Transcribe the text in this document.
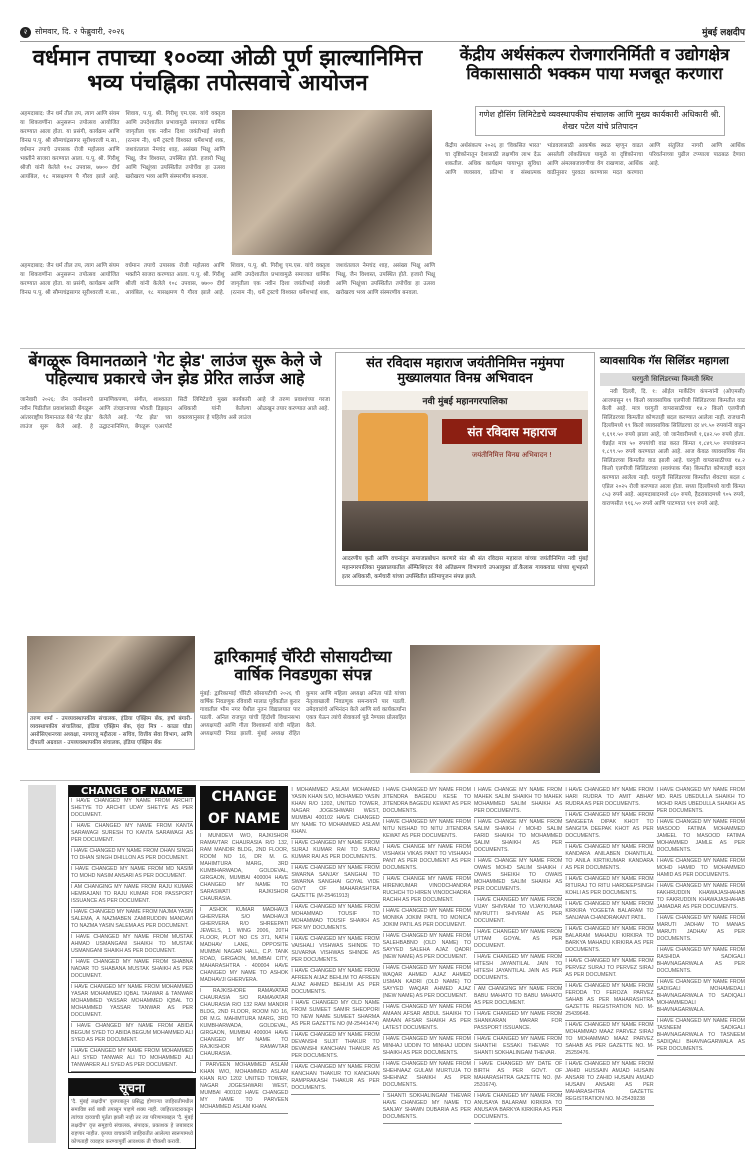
२ सोमवार, दि. २ फेब्रुवारी, २०२६	मुंबई लक्षदीप
वर्धमान तपाच्या १००व्या ओळी पूर्ण झाल्यानिमित्त भव्य पंचह्निका तपोत्सवाचे आयोजन
अहमदाबाद: जैन धर्म तील तप, त्याग आणि संयम या शिकवणींना अनुसरून तपोत्सव आयोजित करण्यात आला होता. या प्रसंगी, कार्यक्रम आणि विनम्र प.पू. श्री सौम्यचंद्रसागर सूरीश्वरजी म.सा., वर्धमान तपाचे उपासक रोजी महोत्सव आणि भक्तीने साजरा करण्यात आला. प.पू. श्री. गिरीशु श्रीजी यांनी केलेले १०८ उपवास, ७७०० दीर्घ आयंबिल, १८ मासक्षमण पै गौरव झाले आहे. शिवाय, प.पू. श्री. गिरीशु एम.एस. यांचे वक्तृत्व आणि उपदेशातील प्रभावामुळे समाजात धार्मिक जागृतीला एक नवीन दिशा जयंतीभाई संघवी (रत्नाम नी), धर्मे ट्रस्टचे विश्वस्त धर्मेशभाई शक, जशवंतलाल नेमचंद शाह, असंख्य भिक्षू आणि भिक्षू, जैन विश्वस्त, उपस्थित होते. हजारो भिक्षू आणि भिक्षूंच्या उपस्थितीत तपोर्चेवा हा उत्सव खरोखरच भव्य आणि संस्मरणीय बनवला.
अहमदाबाद: जैन धर्म तील तप, त्याग आणि संयम या शिकवणींना अनुसरून तपोत्सव आयोजित करण्यात आला होता. या प्रसंगी, कार्यक्रम आणि विनम्र प.पू. श्री सौम्यचंद्रसागर सूरीश्वरजी म.सा., वर्धमान तपाचे उपासक रोजी महोत्सव आणि भक्तीने साजरा करण्यात आला. प.पू. श्री. गिरीशु श्रीजी यांनी केलेले १०८ उपवास, ७७०० दीर्घ आयंबिल, १८ मासक्षमण पै गौरव झाले आहे. शिवाय, प.पू. श्री. गिरीशु एम.एस. यांचे वक्तृत्व आणि उपदेशातील प्रभावामुळे समाजात धार्मिक जागृतीला एक नवीन दिशा जयंतीभाई संघवी (रत्नाम नी), धर्मे ट्रस्टचे विश्वस्त धर्मेशभाई शक, जशवंतलाल नेमचंद शाह, असंख्य भिक्षू आणि भिक्षू, जैन विश्वस्त, उपस्थित होते. हजारो भिक्षू आणि भिक्षूंच्या उपस्थितीत तपोर्चेवा हा उत्सव खरोखरच भव्य आणि संस्मरणीय बनवला.
केंद्रीय अर्थसंकल्प रोजगारनिर्मिती व उद्योगक्षेत्र विकासासाठी भक्कम पाया मजबूत करणारा
गणेश हौसिंग लिमिटेडचे व्यवस्थापकीय संचालक आणि मुख्य कार्यकारी अधिकारी श्री. शेखर पटेल यांचे प्रतिपादन
केंद्रीय अर्थसंकल्प २०२६ हा 'विकसित भारत' चा दृष्टिकोनातून देशासाठी लक्षणीय लाभ देऊ शकतील. अधिक कार्यक्षम पायाभूत सुविधा आणि व्यवसाय, प्रतिभा व संस्थात्मक भांडवलासाठी आकर्षक स्थळ म्हणून वाढत असलेली लोकप्रियता यामुळे या दृष्टिकोनाचा आणि अंमलबजावणीचा वेग राखणारा, आर्थिक वाढीनुसार पुरवठा करण्यास मदत करणारा आणि संतुलित नागरी आणि आर्थिक परिवर्तनाच्या पुढील टप्प्याला पाठबळ देणारा आहे.
बेंगळूरू विमानतळाने 'गेट झेड' लाउंज सुरू केले जे पहिल्याच प्रकारचे जेन झेड प्रेरित लाउंज आहे
जानेवारी २०२६: जेन जनरेशनचे नवीन पिढीतील प्रवाशांसाठी बेंगळूरू आंतरराष्ट्रीय विमानतळ येथे 'गेट झेड' लाउंज सुरू केले आहे. हे प्रामाणिकपणा, संगीत, शाश्वतता आणि तंत्रज्ञानाच्या भोवती डिझाइन केलेले आहे. 'गेट झेड' च्या उद्घाटनानिमित्त, बेंगळूरू एअरपोर्ट सिटी लिमिटेडचे मुख्य कार्यकारी अधिकारी यांनी केलेल्या वक्तव्यानुसार हे पहिलेच असे लाउंज आहे जे तरुण प्रवाशांच्या गरजा ओळखून तयार करण्यात आले आहे.
तरुण शर्मा - उपव्यवस्थापकीय संचालक, इंडिया एक्झिम बँक, हर्षा बंगारी- व्यवस्थापकीय संचालिका, इंडिया एक्झिम बँक, वृंदा मित्र - काळा घोडा असोसिएशनच्या अध्यक्षा, नागराजू मद्दीराला - सचिव, वित्तीय सेवा विभाग, आणि दीपाली अग्रवाल - उपव्यवस्थापकीय संचालक, इंडिया एक्झिम बँक
संत रविदास महाराज जयंतीनिमित्त नमुंमपा मुख्यालयात विनम्र अभिवादन
नवी मुंबई महानगरपालिका
संत रविदास महाराज
जयंतीनिमित्त विनम्र अभिवादन !
आदरणीय कृती आणि वचनांतून समाजप्रबोधन करणारे संत श्री संत रविदास महाराज यांच्या जयंतीनिमित्त नवी मुंबई महानगरपालिका मुख्यालयातील ॲम्फिथिएटर येथे अतिक्रमण विभागाचे उपआयुक्त डॉ.कैलास गायकवाड यांच्या शुभहस्ते इतर अधिकारी, कर्मचारी यांच्या उपस्थितीत प्रतिमापूजन संपन्न झाले.
व्यावसायिक गॅस सिलिंडर महागला
घरगुती सिलिंडरच्या किमती स्थिर
नवी दिल्ली, दि. १: ऑईल मार्केटिंग कंपन्यांनी (ओएमसी) आजपासून १९ किलो व्यावसायिक एलपीजी सिलिंडरच्या किमतीत वाढ केली आहे. मात्र घरगुती वापरासाठीच्या १४.२ किलो एलपीजी सिलिंडरच्या किमतीत कोणताही बदल करण्यात आलेला नाही. राजधानी दिल्लीमध्ये १९ किलो व्यावसायिक सिलिंडरचा दर ४९.५० रुपयांनी वाढून १,६९१.५० रुपये झाला आहे, जो जानेवारीमध्ये १,६४२.५० रुपये होता. चेन्नईत मात्र ५० रुपयांची वाढ करत किंमत १,८४९.५० रुपयांवरून १,८९९.५० रुपये करण्यात आली आहे. आज केवळ व्यावसायिक गॅस सिलिंडरच्या किमतीत वाढ झाली आहे. घरगुती वापरासाठीच्या १४.२ किलो एलपीजी सिलिंडरच्या (स्वयंपाक गॅस) किमतीत कोणताही बदल करण्यात आलेला नाही. घरगुती सिलिंडरच्या किमतीत शेवटचा बदल ८ एप्रिल २०२५ रोजी करण्यात आला होता. सध्या दिल्लीमध्ये याची किंमत ८५३ रुपये आहे. अहमदाबादमध्ये ८६० रुपये, हैदराबादमध्ये ९०५ रुपये, वाराणसीत ९१६.५० रुपये आणि पाटण्यात ९११ रुपये आहे.
द्वारिकामाई चॅरिटी सोसायटीच्या वार्षिक निवडणुका संपन्न
मुंबई: द्वारिकामाई चॅरिटी सोसायटीची २०२६ ची वार्षिक निवडणूक रविवारी मालाड पूर्वेकडील कुरार गावातील भीम नगर येथील नूतन विद्यालयात पार पडली. अनिल राजपूत यांची हिंदोशी विधानसभा अध्यक्षपदी आणि गीता विश्वकर्मा यांची महिला अध्यक्षपदी निवड झाली. मुंबई अध्यक्ष रोहित कुमार आणि महिला अध्यक्षा अनिता पांडे यांच्या नेतृत्वाखाली निवडणूक समन्वयाने पार पडली. उमेदवारांचे अभिनंदन केले आणि सर्व कार्यकर्त्यांना एकत्र येऊन त्यांचे सेवाकार्य पुढे नेण्यास प्रोत्साहित केले.
CHANGE OF NAME
I HAVE CHANGED MY NAME FROM ARCHIT SHETYE TO ARCHIT UDAY SHETYE AS PER DOCUMENT.
I HAVE CHANGED MY NAME FROM KANTA SARAWAGI SURESH TO KANTA SARAWAGI AS PER DOCUMENT.
I HAVE CHANGED MY NAME FROM DHAN SINGH TO DHAN SINGH DHILLON AS PER DOCUMENT.
I HAVE CHANGED MY NAME FROM MD NASIM TO MOHD NASIM ANSARI AS PER DOCUMENT.
I AM CHANGING MY NAME FROM RAJU KUMAR HEMRAJANI TO RAJU KUMAR FOR PASSPORT ISSUANCE AS PER DOCUMENT.
I HAVE CHANGED MY NAME FROM NAJMA YASIN SALEMA, A NAZMABEN ZAMIRUDDIN MANDAVI TO NAZMA YASIN SALEMA AS PER DOCUMENT.
I HAVE CHANGED MY NAME FROM MUSTAK AHMAD USMANGANI SHAIKH TO MUSTAK USMANGANI SHAIKH AS PER DOCUMENT.
I HAVE CHANGED MY NAME FROM SHABNA NADAR TO SHABANA MUSTAK SHAIKH AS PER DOCUMENT.
I HAVE CHANGED MY NAME FROM MOHAMMED YASAR MOHAMMED IQBAL TAHWAR & TANWAR MOHAMMED YASSAR MOHAMMED IQBAL TO MOHAMMED YASSAR TANWAR AS PER DOCUMENT.
I HAVE CHANGED MY NAME FROM ABIDA BEGUM SYED TO ABIDA BEGUM MOHAMMED ALI SYED AS PER DOCUMENT.
I HAVE CHANGED MY NAME FROM MOHAMMED ALI SYED TANWAR ALI TO MOHAMMED ALI TANWARER ALI SYED AS PER DOCUMENT.
सूचना
'दै. मुंबई लक्षदीप' वृत्तपत्रातून प्रसिद्ध होणाऱ्या जाहिरातीमधील समाविष्ट सर्व बाबी तपासून पाहणे शक्य नाही. जाहिरातदाराकडून त्यांच्या दाव्याची पूर्तता झाली नाही तर त्या परिणामाबद्दल 'दै. मुंबई लक्षदीप' वृत्त समूहाचे संचालक, संपादक, प्रकाशक हे जबाबदार राहणार नाहीत. कृपया वाचकांनी जाहिरातीत आलेल्या स्वरूपामध्ये कोणताही व्यवहार करण्यापूर्वी आवश्यक ती चौकशी करावी.
CHANGE OF NAME
I MUNIDEVI W/O, RAJKISHOR RAMAVTAR CHAURASIA R/O 132, RAM MANDIR BLDG, 2ND FLOOR, ROOM NO 16, DR M. G. MAHIMTURA MARG, 3RD KUMBHARWADA, GOLDEVAL, GIRGAON, MUMBAI 400004 HAVE CHANGED MY NAME TO SARASWATI RAJKISHOR CHAURASIA.
I ASHOK KUMAR MADHAVJI GHERVERA S/O MADHAVJI GHERVERA R/O SHREEPATI JEWELS, 1 WING 2006, 20TH FLOOR, PLOT NO CS 371, NATH MADHAV LANE, OPPOSITE MUMBAI NAGAR HALL, C.P. TANK ROAD, GIRGAON, MUMBAI CITY, MAHARASHTRA - 400004 HAVE CHANGED MY NAME TO ASHOK MADHAVJI GHERVERA.
I RAJKISHORE RAMAVATAR CHAURASIA S/O RAMAVATAR CHAURASIA R/O 132 RAM MANDIR BLDG, 2ND FLOOR, ROOM NO 16, DR M.G. MAHIMTURA MARG, 3RD KUMBHARWADA, GOLDEVAL, GIRGAON, MUMBAI 400004 HAVE CHANGED MY NAME TO RAJKISHOR RAMAVTAR CHAURASIA.
I PARVEEN MOHAMMED ASLAM KHAN W/O, MOHAMMED ASLAM KHAN R/O 1202 UNITED TOWER, NAGAR JOGESHWARI WEST, MUMBAI 400102 HAVE CHANGED MY NAME TO PARVEEN MOHAMMED ASLAM KHAN.
I MOHAMMED ASLAM MOHAMED YASIN KHAN S/O, MOHAMED YASIN KHAN R/O 1202, UNITED TOWER, NAGAR JOGESHWARI WEST, MUMBAI 400102 HAVE CHANGED MY NAME TO MOHAMMED ASLAM KHAN.
I HAVE CHANGED MY NAME FROM SURAJ KUMAR RAI TO SURAJ KUMAR RAI AS PER DOCUMENTS.
I HAVE CHANGED MY NAME FROM SWARNA SANJAY SANGHAI TO SWARNA SANGHAI GOYAL VIDE GOVT OF MAHARASHTRA GAZETTE (M-25461913)
I HAVE CHANGED MY NAME FROM MOHAMMAD TOUSIF TO MOHAMMAD TOUSIF SHAIKH AS PER MY DOCUMENTS.
I HAVE CHANGED MY NAME FROM VAISHALI VISHWAS SHINDE TO SUVARNA VISHWAS SHINDE AS PER DOCUMENTS.
I HAVE CHANGED MY NAME FROM AFREEN AIJAZ BEHLIM TO AFREEN AIJAZ AHMED BEHLIM AS PER DOCUMENTS.
I HAVE CHANGED MY OLD NAME FROM SUMEET SAMIR SHEOPORI TO NEW NAME SUMEET SHARMA AS PER GAZETTE NO (M-25441474)
I HAVE CHANGED MY NAME FROM DEVANSHI SUJIT THAKUR TO DEVANSHI KANCHAN THAKUR AS PER DOCUMENTS.
I HAVE CHANGED MY NAME FROM KANCHAN THAKUR TO KANCHAN RAMPRAKASH THAKUR AS PER DOCUMENTS.
I HAVE CHANGED MY NAME FROM JITENDRA BAGEDU KESE TO JITENDRA BAGEDU KEWAT AS PER DOCUMENTS.
I HAVE CHANGED MY NAME FROM NITU NISHAD TO NITU JITENDRA KEWAT AS PER DOCUMENTS.
I HAVE CHANGE MY NAME FROM VISHAKH VIKAS PANT TO VISHAKH PANT AS PER DOCUMENT AS PER DOCUMENTS.
I HAVE CHANGE MY NAME FROM HIRENKUMAR VINODCHANDRA RUCHCH TO HIREN VINODCHADRA RACHH AS PER DOCUMENT.
I HAVE CHANGED MY NAME FROM MONIKA JOKIM PATIL TO MONICA JOKIM PATIL AS PER DOCUMENT.
I HAVE CHANGED MY NAME FROM SALEHBABNO (OLD NAME) TO SAYYED SALEHA AJAZ QADRI (NEW NAME) AS PER DOCUMENT.
I HAVE CHANGED MY NAME FROM WAQAR AHMED AJAZ AHMED USMAN KADRI (OLD NAME) TO SAYYED WAQAR AHMED AJAZ (NEW NAME) AS PER DOCUMENT.
I HAVE CHANGED MY NAME FROM AMAAN AFSAR ABDUL SHAIKH TO AMAAN AFSAR SHAIKH AS PER LATEST DOCUMENTS.
I HAVE CHANGED MY NAME FROM MINHAJ UDDIN TO MINHAJ UDDIN SHAIKH AS PER DOCUMENTS.
I HAVE CHANGED MY NAME FROM SHEHNAAZ GULAM MURTUJA TO SHEHNAZ SHAIKH AS PER DOCUMENTS.
I SHANTI SOKHALINGAM THEVAR HAVE CHANGED MY NAME TO SANJAY SHAWN DUBARIA AS PER DOCUMENTS.
I HAVE CHANGE MY NAME FROM MAHEK SALIM SHAIKH TO MAHEK MOHAMMED SALIM SHAIKH AS PER DOCUMENTS.
I HAVE CHANGE MY NAME FROM SALIM SHAIKH / MOHD SALIM FARID SHAIKH TO MOHAMMED SALIM SHAIKH AS PER DOCUMENTS.
I HAVE CHANGE MY NAME FROM OWAIS MOHD SALIM SHAIKH / OWAIS SHEIKH TO OWAIS MOHAMMED SALIM SHAIKH AS PER DOCUMENTS.
I HAVE CHANGED MY NAME FROM VIJAY SHIVRAM TO VIJAYKUMAR NIVRUTTI SHIVRAM AS PER DOCUMENT.
I HAVE CHANGED MY NAME FROM UTTAM GOYAL AS PER DOCUMENT.
I HAVE CHANGED MY NAME FROM HITESH JAYANTILAL JAIN TO HITESH JAYANTILAL JAIN AS PER DOCUMENTS.
I AM CHANGING MY NAME FROM BABU MAHATO TO BABU MAHATO AS PER DOCUMENT.
I HAVE CHANGED MY NAME FROM SHANKARAN MARAR FOR PASSPORT ISSUANCE.
I HAVE CHANGED MY NAME FROM SHANTHI ESSAKI THEVAR TO SHANTI SOKHALINGAM THEVAR.
I HAVE CHANGED MY DATE OF BIRTH AS PER GOVT. OF MAHARASHTRA GAZETTE NO. (M-2531674).
I HAVE CHANGED MY NAME FROM ANUSAYA BALARAM KIRKIRA TO ANUSAYA BARKYA KIRKIRA AS PER DOCUMENTS.
I HAVE CHANGED MY NAME FROM HARI RUDRA TO AMIT ABHAY RUDRA AS PER DOCUMENTS.
I HAVE CHANGED MY NAME FROM SANGEETA DIPAK KHOT TO SANGITA DEEPAK KHOT AS PER DOCUMENTS.
I HAVE CHANGED MY NAME FROM KANDARA ANILABEN DHANTILAL TO ANILA KIRTIKUMAR KANDARA AS PER DOCUMENTS.
I HAVE CHANGED MY NAME FROM RITURAJ TO RITU HARDEEPSINGH KOHLI AS PER DOCUMENTS.
I HAVE CHANGED MY NAME FROM KIRKIRA YOGEETA BALARAM TO SANJANA CHANDRAKANT PATIL.
I HAVE CHANGED MY NAME FROM BALARAM MAHADU KIRKIRA TO BARKYA MAHADU KIRKIRA AS PER DOCUMENTS.
I HAVE CHANGED MY NAME FROM PERVEZ SURAJ TO PERVEZ SIRAJ AS PER DOCUMENT.
I HAVE CHANGED MY NAME FROM FERODA TO FEROZA PARVEZ SAHAB AS PER MAHARASHTRA GAZETTE REGISTRATION NO. M-25439648.
I HAVE CHANGED MY NAME FROM MOHAMMAD MAAZ PARVEZ SIRAJ TO MOHAMMAD MAAZ PARVEZ SAHAB AS PER GAZETTE NO. M-25259476.
I HAVE CHANGED MY NAME FROM JAHID HUSSAIN AMJAD HUSAIN ANSARI TO ZAHID HUSAIN AMJAD HUSAIN ANSARI AS PER MAHARASHTRA GAZETTE REGISTRATION NO. M-25439238
I HAVE CHANGED MY NAME FROM MD. RAIS UBEDULLA SHAIKH TO MOHD RAIS UBEDULLA SHAIKH AS PER DOCUMENTS.
I HAVE CHANGED MY NAME FROM MASOOD FATIMA MOHAMMED JAMEEL TO MASOOD FATIMA MOHAMMED JAMLE AS PER DOCUMENTS.
I HAVE CHANGED MY NAME FROM MOHD HAMID TO MOHAMMED HAMID AS PER DOCUMENTS.
I HAVE CHANGED MY NAME FROM FAKHRUDDIN KHAWAJASHAHAB TO FAKRUDDIN KHAWAJASHAHAB JAMADAR AS PER DOCUMENTS.
I HAVE CHANGED MY NAME FROM MARUTI JADHAV TO MANAS MARUTI JADHAV AS PER DOCUMENTS.
I HAVE CHANGED MY NAME FROM RASHIDA SADIGALI BHAVNAGARWALA AS PER DOCUMENTS.
I HAVE CHANGED MY NAME FROM SADIGALI MOHAMEDALI BHAVNAGARWALA TO SADIQALI MOHAMMEDALI BHAVNAGARWALA.
I HAVE CHANGED MY NAME FROM TASNEEM SADIGALI BHAVNAGARWALA TO TASNEEM SADIQALI BHAVNAGARWALA AS PER DOCUMENTS.
